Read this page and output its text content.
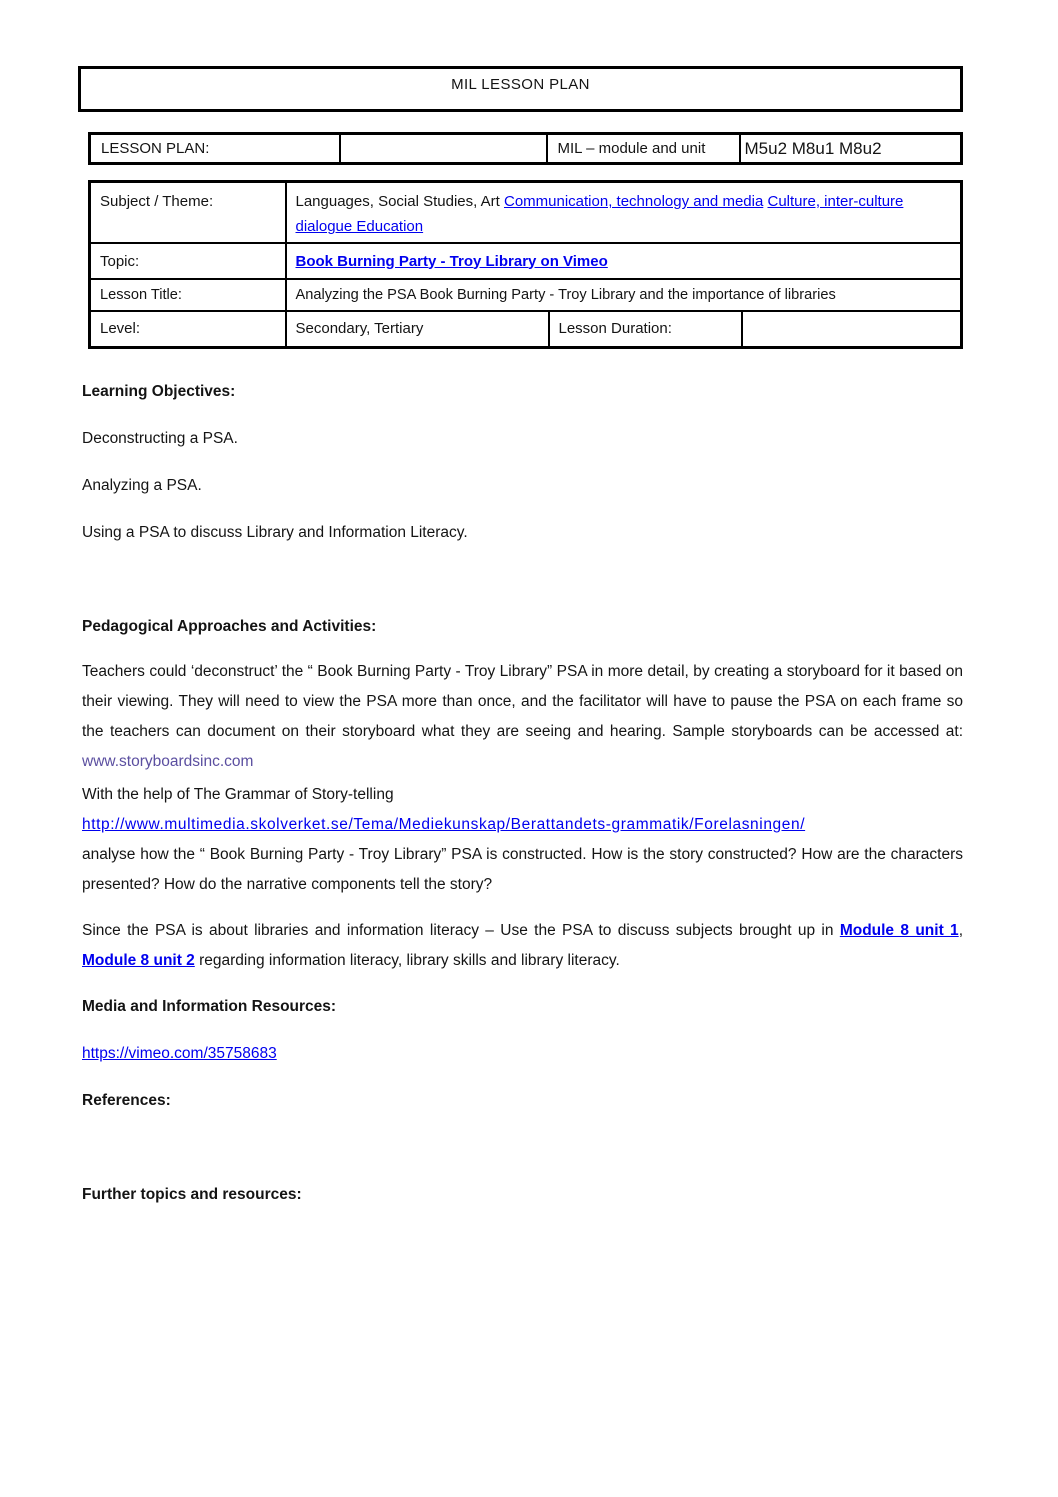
MIL LESSON PLAN
LESSON PLAN:		MIL – module and unit	M5u2 M8u1 M8u2
Subject / Theme:	Languages, Social Studies, Art Communication, technology and media Culture, inter-culture dialogue Education		
Topic:	Book Burning Party - Troy Library on Vimeo		
Lesson Title:	Analyzing the PSA Book Burning Party - Troy Library and the importance of libraries		
Level:	Secondary, Tertiary	Lesson Duration:	

Learning Objectives:

Deconstructing a PSA.

Analyzing a PSA.

Using a PSA to discuss Library and Information Literacy.

Pedagogical Approaches and Activities:

Teachers could ‘deconstruct’ the “ Book Burning Party - Troy Library” PSA in more detail, by creating a storyboard for it based on their viewing. They will need to view the PSA more than once, and the facilitator will have to pause the PSA on each frame so the teachers can document on their storyboard what they are seeing and hearing. Sample storyboards can be accessed at: www.storyboardsinc.com

With the help of The Grammar of Story-telling
http://www.multimedia.skolverket.se/Tema/Mediekunskap/Berattandets-grammatik/Forelasningen/
analyse how the “ Book Burning Party - Troy Library” PSA is constructed. How is the story constructed? How are the characters presented? How do the narrative components tell the story?

Since the PSA is about libraries and information literacy – Use the PSA to discuss subjects brought up in Module 8 unit 1, Module 8 unit 2 regarding information literacy, library skills and library literacy.

Media and Information Resources:

https://vimeo.com/35758683

References:

Further topics and resources:
